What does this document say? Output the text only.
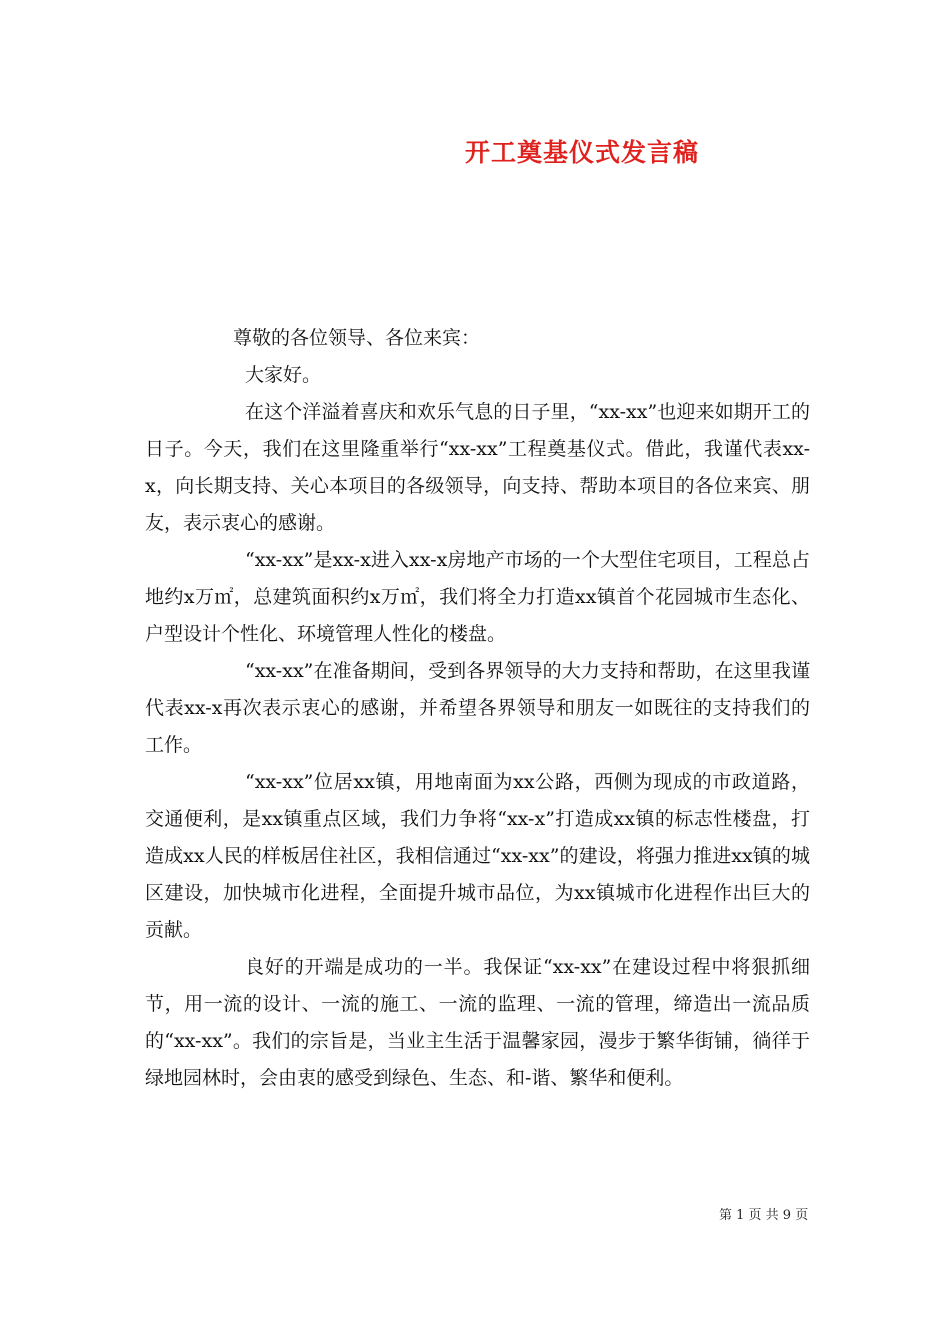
开工奠基仪式发言稿

尊敬的各位领导、各位来宾：

大家好。

在这个洋溢着喜庆和欢乐气息的日子里，“xx-xx”也迎来如期开工的日子。今天，我们在这里隆重举行“xx-xx”工程奠基仪式。借此，我谨代表xx-x，向长期支持、关心本项目的各级领导，向支持、帮助本项目的各位来宾、朋友，表示衷心的感谢。

“xx-xx”是xx-x进入xx-x房地产市场的一个大型住宅项目，工程总占地约x万㎡，总建筑面积约x万㎡，我们将全力打造xx镇首个花园城市生态化、户型设计个性化、环境管理人性化的楼盘。

“xx-xx”在准备期间，受到各界领导的大力支持和帮助，在这里我谨代表xx-x再次表示衷心的感谢，并希望各界领导和朋友一如既往的支持我们的工作。

“xx-xx”位居xx镇，用地南面为xx公路，西侧为现成的市政道路，交通便利，是xx镇重点区域，我们力争将“xx-x”打造成xx镇的标志性楼盘，打造成xx人民的样板居住社区，我相信通过“xx-xx”的建设，将强力推进xx镇的城区建设，加快城市化进程，全面提升城市品位，为xx镇城市化进程作出巨大的贡献。

良好的开端是成功的一半。我保证“xx-xx”在建设过程中将狠抓细节，用一流的设计、一流的施工、一流的监理、一流的管理，缔造出一流品质的“xx-xx”。我们的宗旨是，当业主生活于温馨家园，漫步于繁华街铺，徜徉于绿地园林时，会由衷的感受到绿色、生态、和-谐、繁华和便利。

第 1 页 共 9 页
